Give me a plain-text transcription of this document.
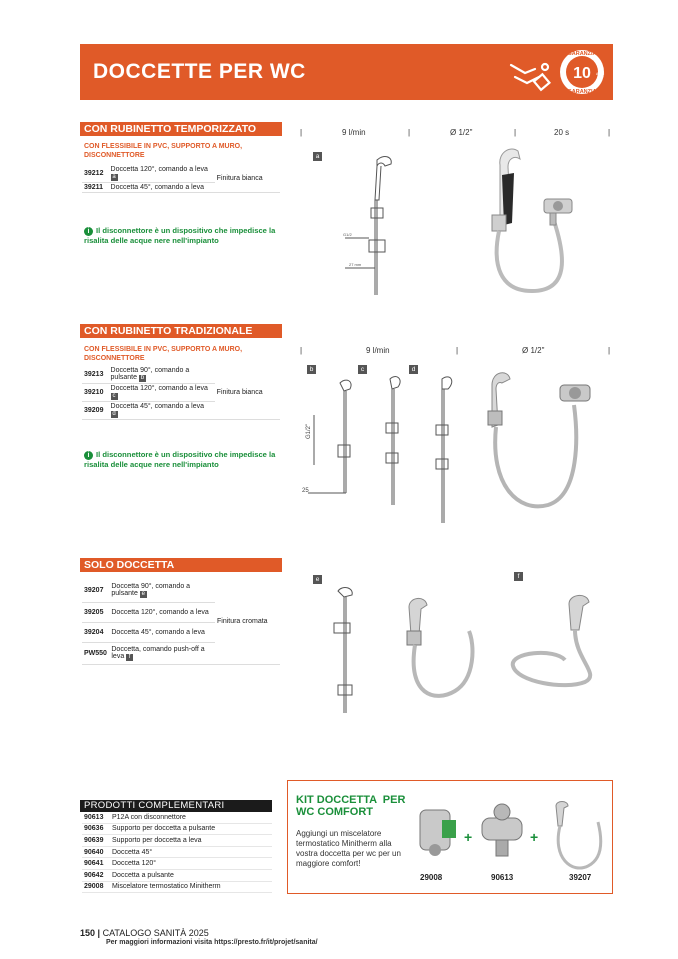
DOCCETTE PER WC	10
GARANZIA
GARANZIA
ANNI
CON RUBINETTO TEMPORIZZATO
CON FLESSIBILE IN PVC, SUPPORTO A MURO, DISCONNETTORE
39212	Doccetta 120°, comando a leva a	Finitura bianca
39211	Doccetta 45°, comando a leva	
i Il disconnettore è un dispositivo che impedisce la risalita delle acque nere nell'impianto
|	9 l/min	|	Ø 1/2"	|	20 s	|
a
G1/2
27 mm
CON RUBINETTO TRADIZIONALE
CON FLESSIBILE IN PVC, SUPPORTO A MURO, DISCONNETTORE
39213	Doccetta 90°, comando a pulsante b	Finitura bianca
39210	Doccetta 120°, comando a leva c	
39209	Doccetta 45°, comando a leva d	
i Il disconnettore è un dispositivo che impedisce la risalita delle acque nere nell'impianto
|	9 l/min	|	Ø 1/2"	|
b	c	d
G1/2"
25
SOLO DOCCETTA
39207	Doccetta 90°, comando a pulsante e	Finitura cromata
39205	Doccetta 120°, comando a leva	
39204	Doccetta 45°, comando a leva	
PW550	Doccetta, comando push-off a leva f	
e	f
PRODOTTI COMPLEMENTARI
90613	P12A con disconnettore
90636	Supporto per doccetta a pulsante
90639	Supporto per doccetta a leva
90640	Doccetta 45°
90641	Doccetta 120°
90642	Doccetta a pulsante
29008	Miscelatore termostatico Minitherm
KIT DOCCETTA  PER
WC COMFORT
Aggiungi un miscelatore termostatico Minitherm alla vostra doccetta per wc per un maggiore comfort!
+	+
29008	90613	39207
150 | CATALOGO SANITÀ 2025
Per maggiori informazioni visita https://presto.fr/it/projet/sanita/
